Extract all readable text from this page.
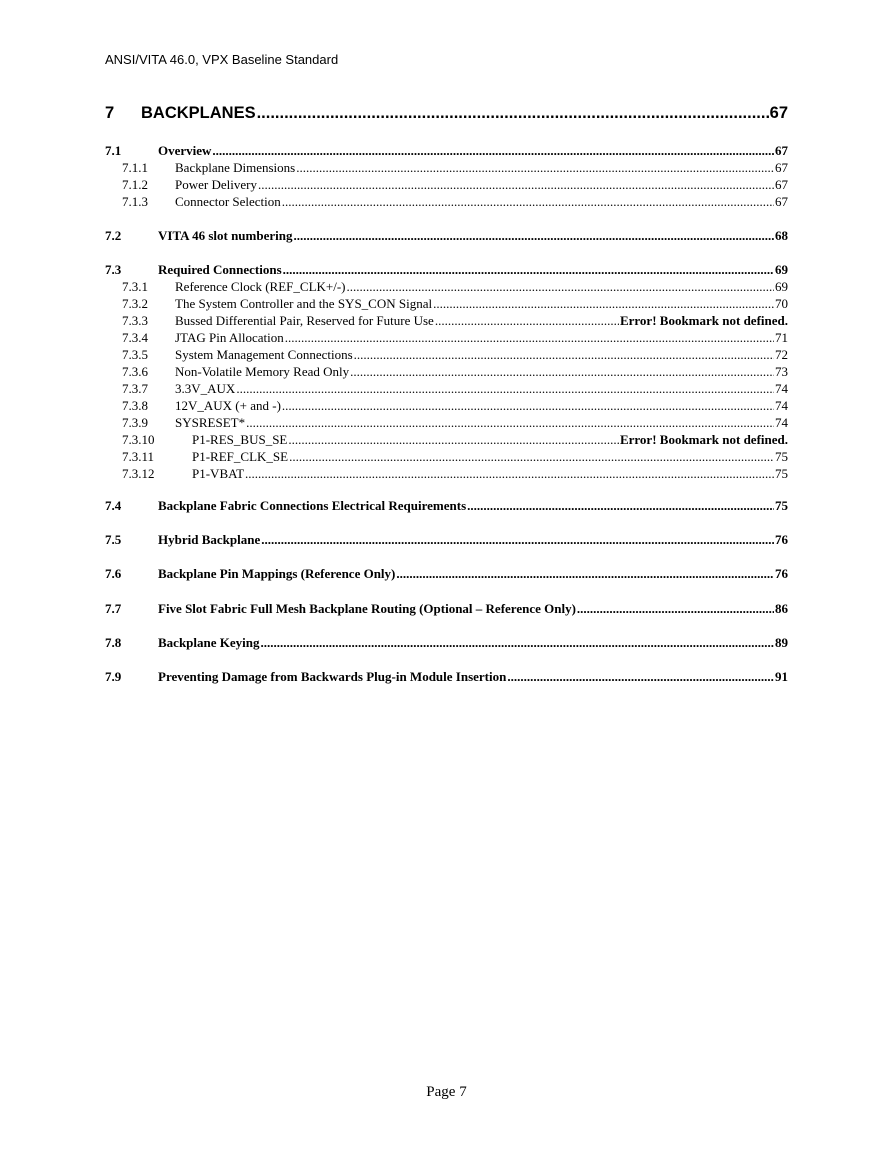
ANSI/VITA 46.0, VPX Baseline Standard
7	BACKPLANES .....	67
7.1	Overview .....	67
7.1.1	Backplane Dimensions .....	67
7.1.2	Power Delivery .....	67
7.1.3	Connector Selection .....	67
7.2	VITA 46 slot numbering .....	68
7.3	Required Connections .....	69
7.3.1	Reference Clock (REF_CLK+/-) .....	69
7.3.2	The System Controller and the SYS_CON Signal .....	70
7.3.3	Bussed Differential Pair, Reserved for Future Use .....	Error! Bookmark not defined.
7.3.4	JTAG Pin Allocation .....	71
7.3.5	System Management Connections .....	72
7.3.6	Non-Volatile Memory Read Only .....	73
7.3.7	3.3V_AUX .....	74
7.3.8	12V_AUX (+ and -) .....	74
7.3.9	SYSRESET* .....	74
7.3.10	P1-RES_BUS_SE .....	Error! Bookmark not defined.
7.3.11	P1-REF_CLK_SE .....	75
7.3.12	P1-VBAT .....	75
7.4	Backplane Fabric Connections Electrical Requirements .....	75
7.5	Hybrid Backplane .....	76
7.6	Backplane Pin Mappings (Reference Only) .....	76
7.7	Five Slot Fabric Full Mesh Backplane Routing (Optional – Reference Only) .....	86
7.8	Backplane Keying .....	89
7.9	Preventing Damage from Backwards Plug-in Module Insertion .....	91
Page 7
